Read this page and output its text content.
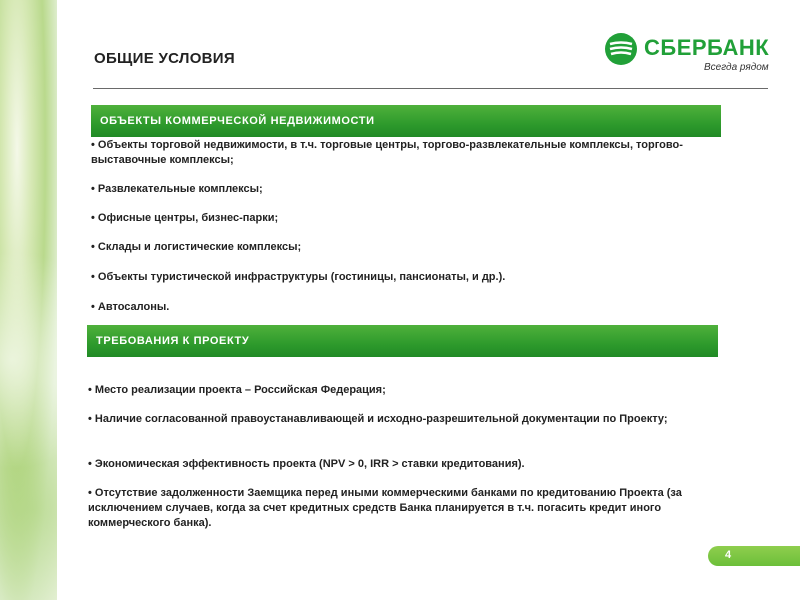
ОБЩИЕ УСЛОВИЯ	СБЕРБАНК
Всегда рядом
ОБЪЕКТЫ КОММЕРЧЕСКОЙ НЕДВИЖИМОСТИ
• Объекты торговой недвижимости, в т.ч. торговые центры, торгово-развлекательные комплексы, торгово-выставочные комплексы;
• Развлекательные комплексы;
• Офисные центры, бизнес-парки;
• Склады и логистические комплексы;
• Объекты туристической инфраструктуры (гостиницы, пансионаты, и др.).
• Автосалоны.
ТРЕБОВАНИЯ К ПРОЕКТУ
• Место реализации проекта – Российская Федерация;
• Наличие согласованной правоустанавливающей и исходно-разрешительной документации по Проекту;
• Экономическая эффективность проекта (NPV > 0, IRR > ставки кредитования).
• Отсутствие задолженности Заемщика перед иными коммерческими банками по кредитованию Проекта (за исключением случаев, когда за счет кредитных средств Банка планируется в т.ч. погасить кредит иного коммерческого банка).
4
